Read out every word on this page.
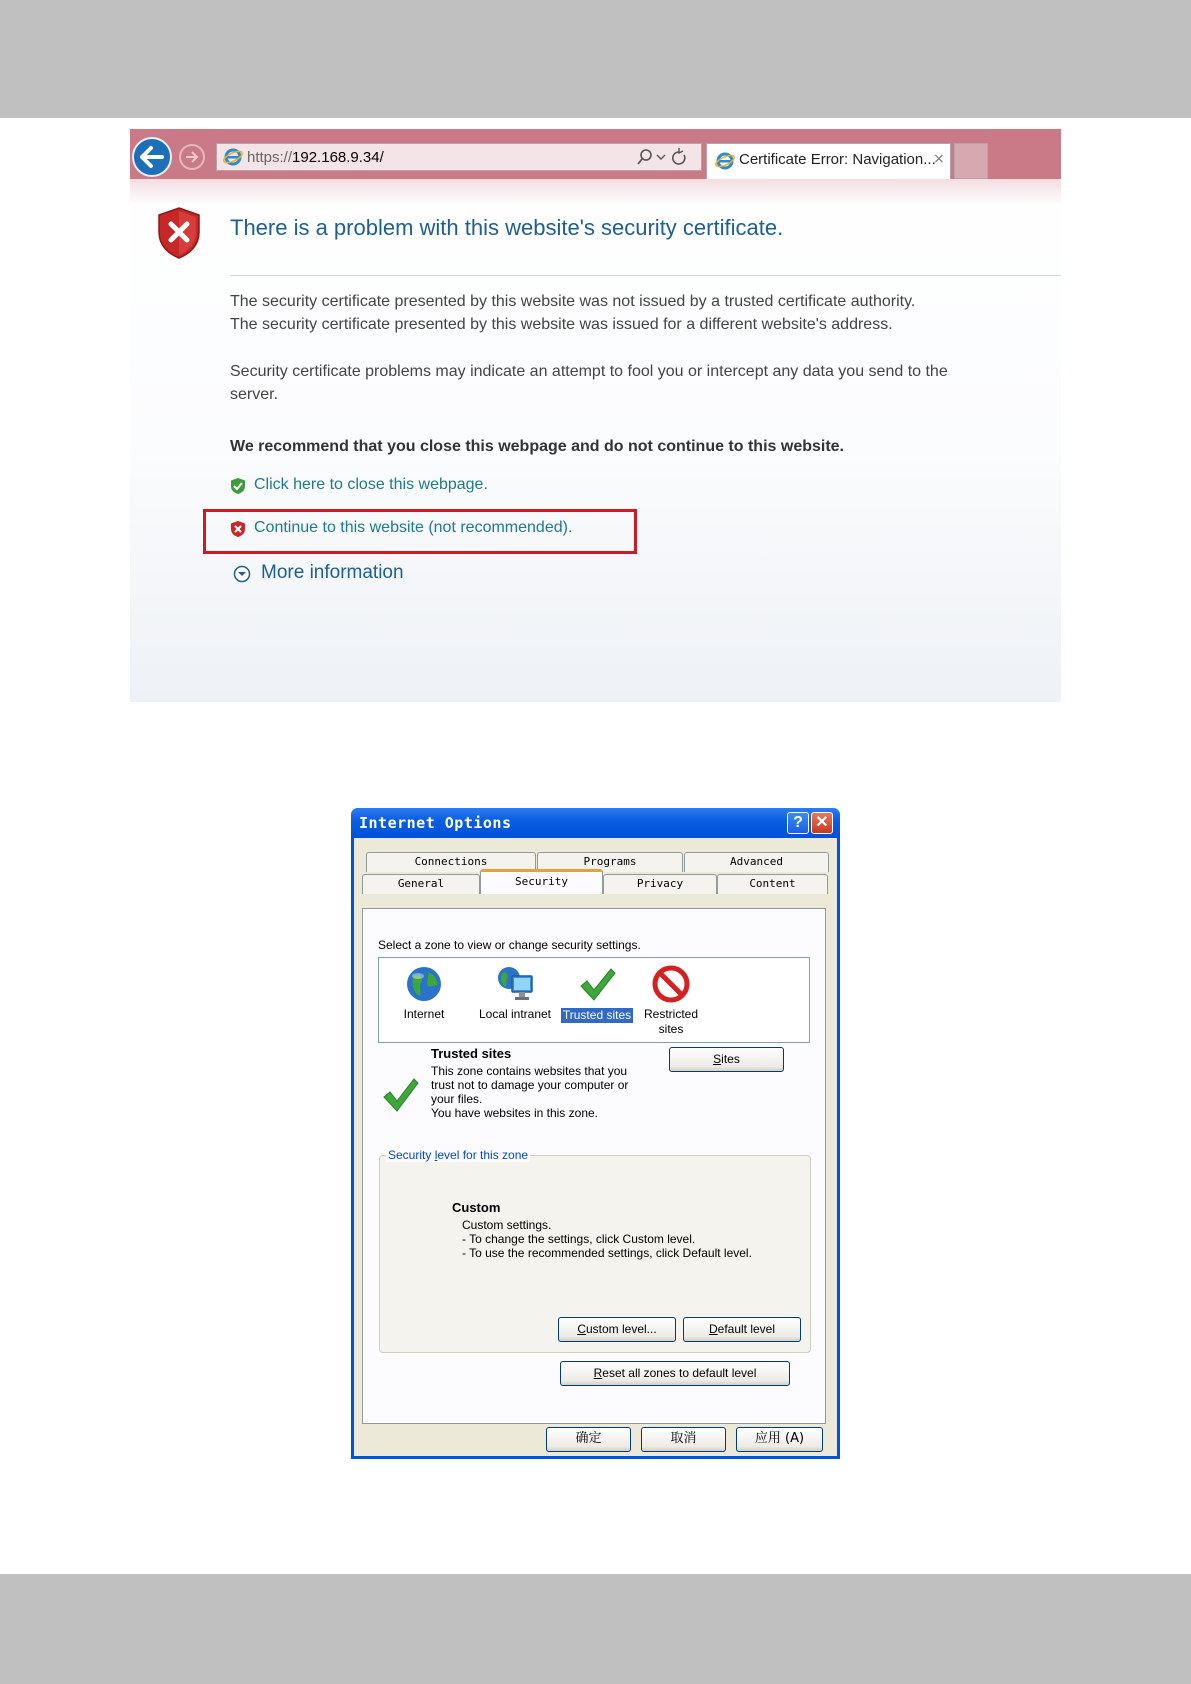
https://192.168.9.34/	Certificate Error: Navigation...
×
There is a problem with this website's security certificate.
The security certificate presented by this website was not issued by a trusted certificate authority.
The security certificate presented by this website was issued for a different website's address.
Security certificate problems may indicate an attempt to fool you or intercept any data you send to the
server.
We recommend that you close this webpage and do not continue to this website.
Click here to close this webpage.
Continue to this website (not recommended).
More information
Internet Options	? ✕
Connections	Programs	Advanced
General	Security	Privacy	Content
Select a zone to view or change security settings.
Internet	Local intranet Trusted sites	Restricted
sites
Trusted sites
This zone contains websites that you
trust not to damage your computer or
your files.
You have websites in this zone.
Sites
Security level for this zone
Custom
Custom settings.
- To change the settings, click Custom level.
- To use the recommended settings, click Default level.
Custom level...	Default level
Reset all zones to default level
确定	取消	应用 (A)
